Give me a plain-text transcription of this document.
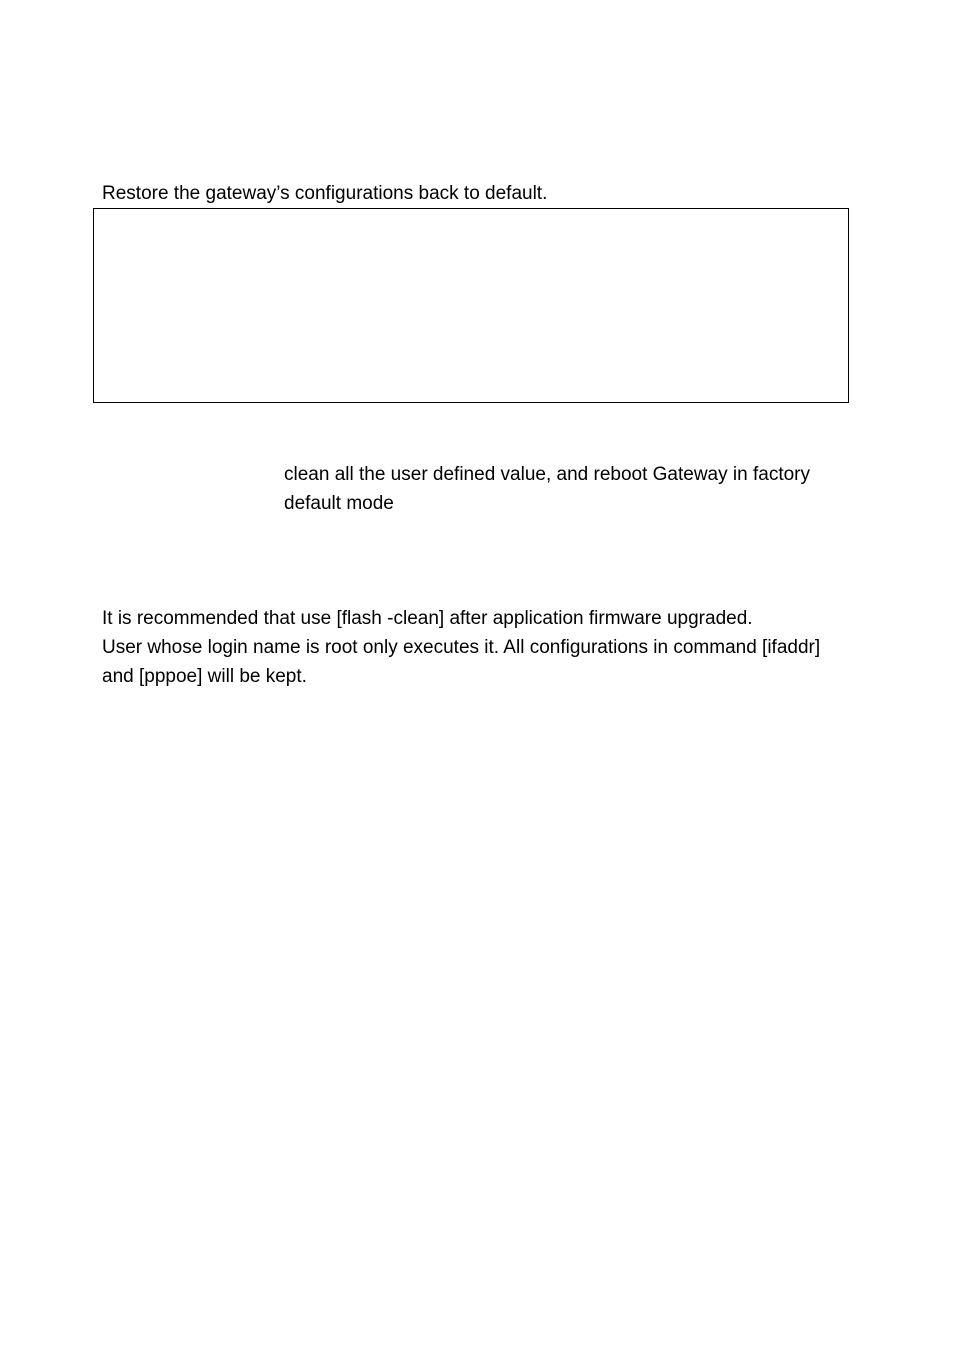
Restore the gateway’s configurations back to default.

clean all the user defined value, and reboot Gateway in factory default mode

It is recommended that use [flash -clean] after application firmware upgraded.
User whose login name is root only executes it. All configurations in command [ifaddr]
and [pppoe] will be kept.
